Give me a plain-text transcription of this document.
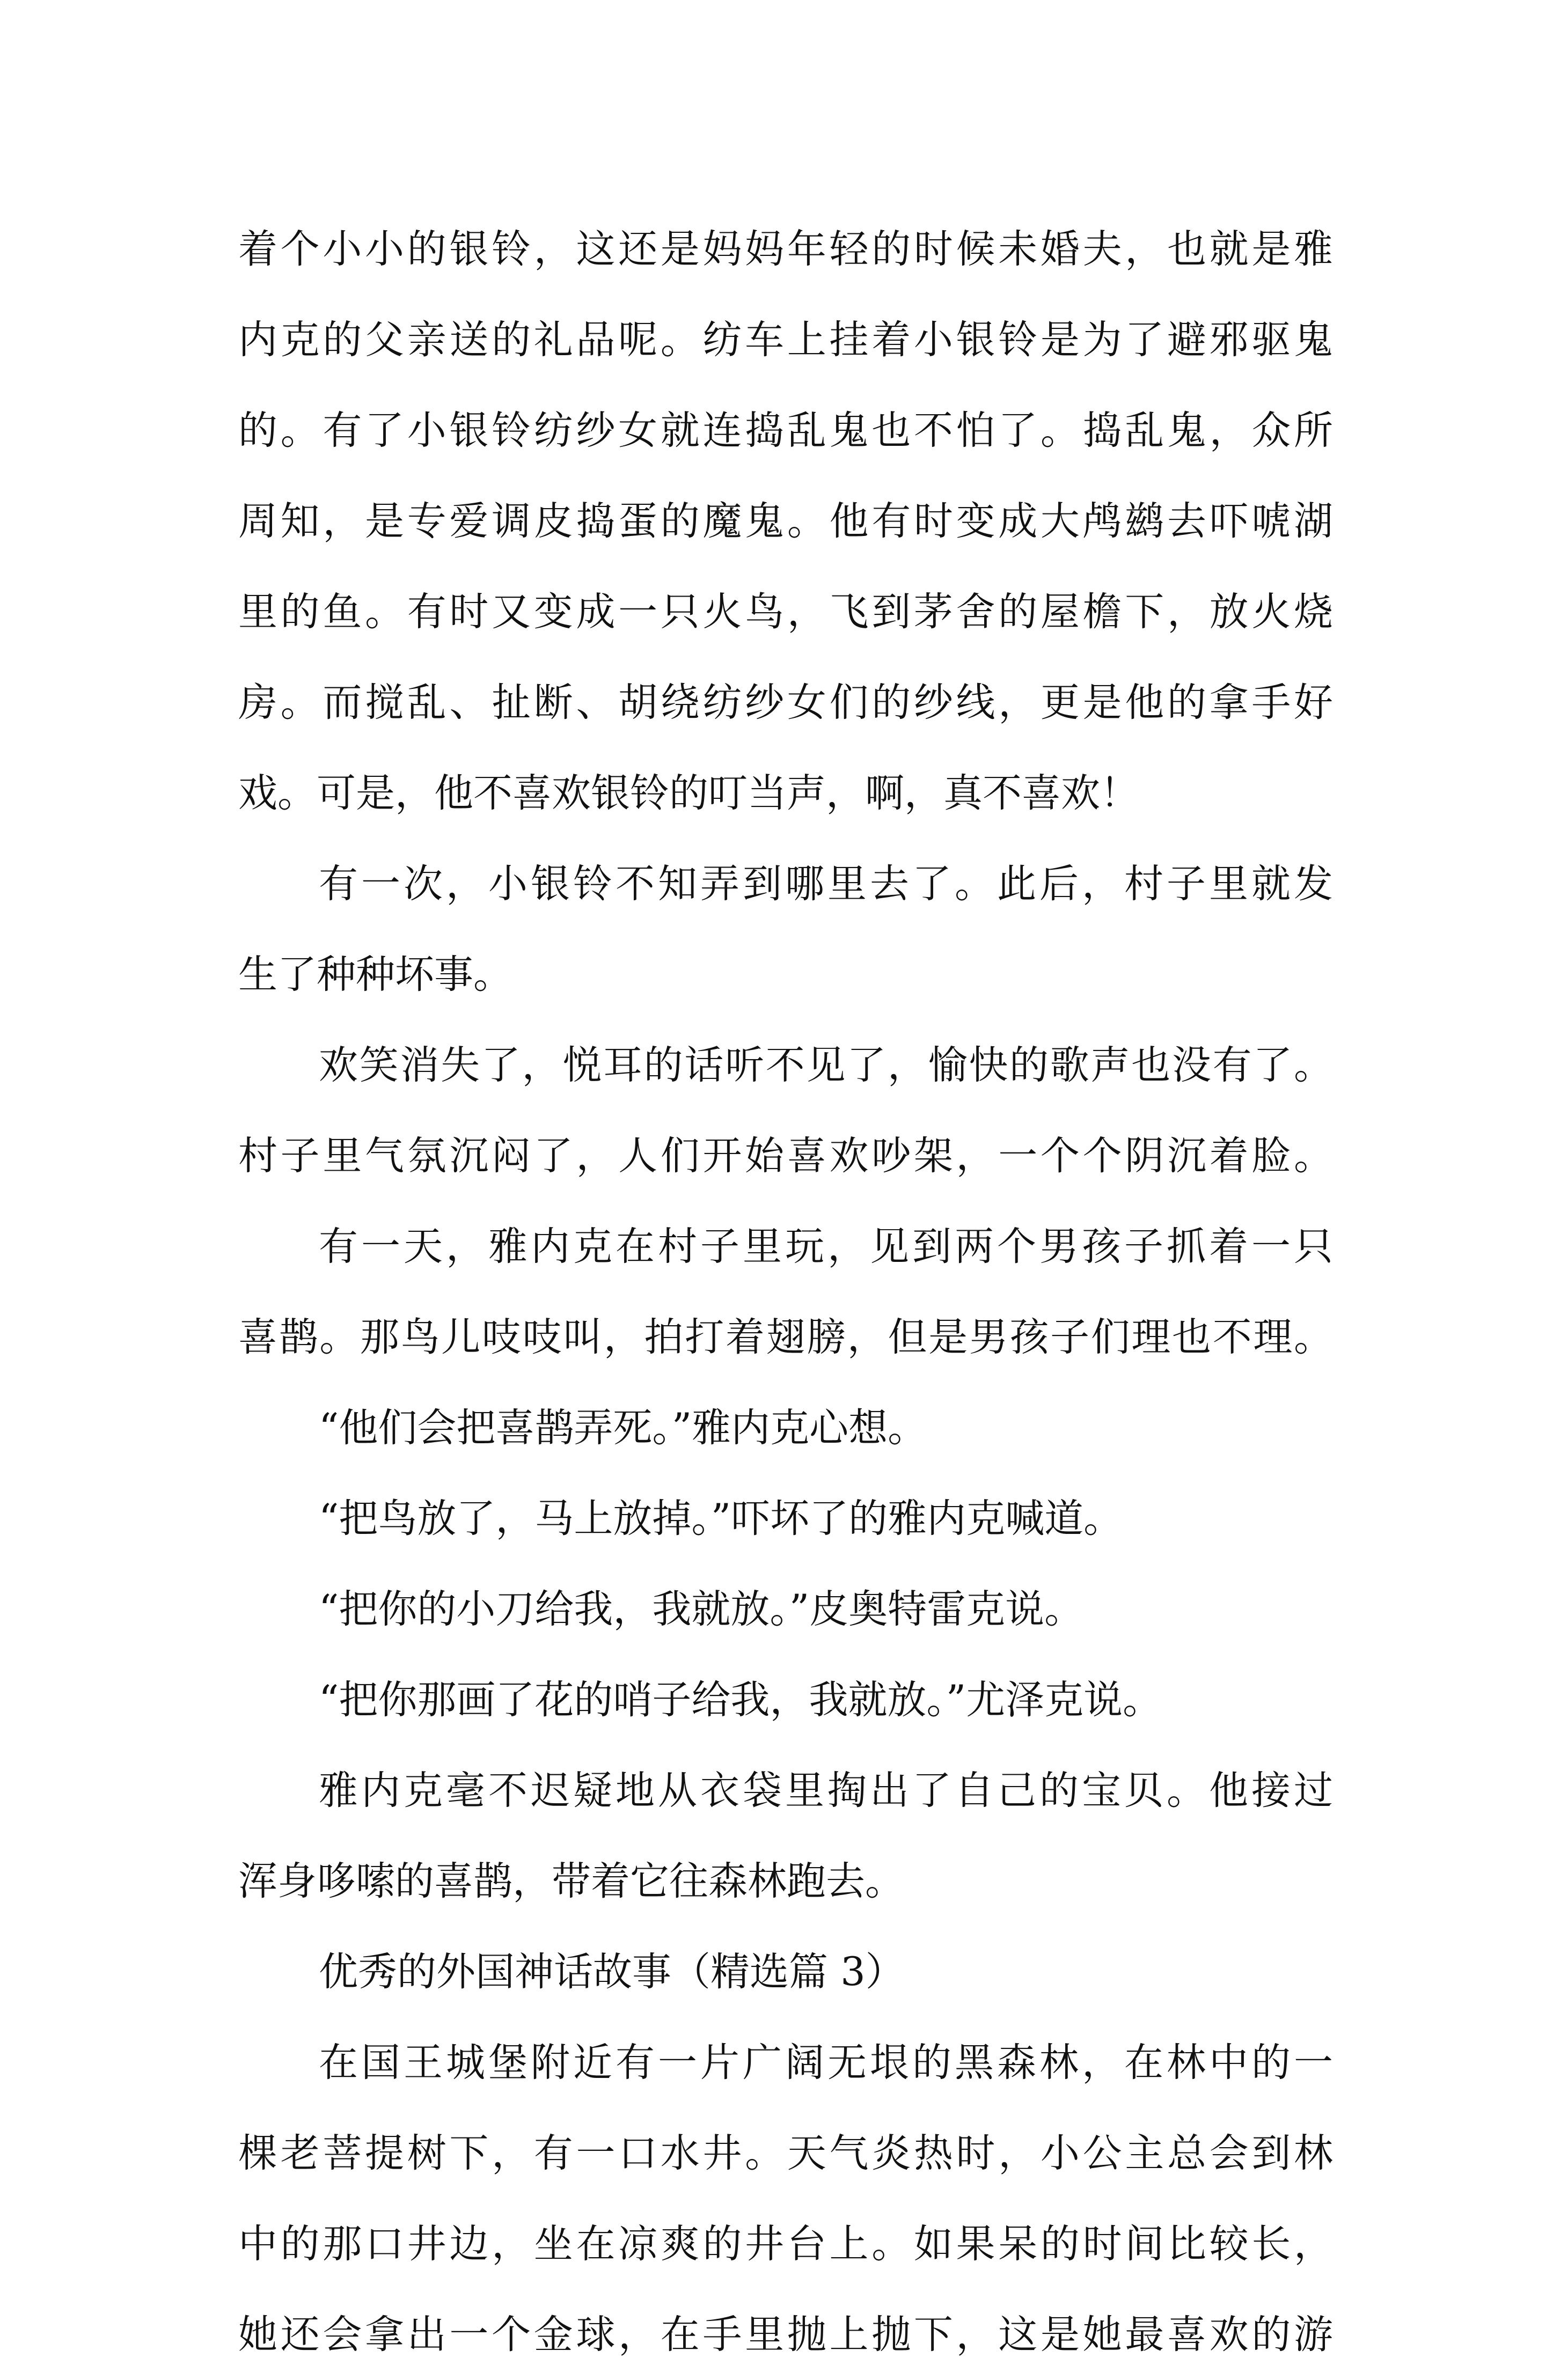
着个小小的银铃，这还是妈妈年轻的时候未婚夫，也就是雅
内克的父亲送的礼品呢。纺车上挂着小银铃是为了避邪驱鬼
的。有了小银铃纺纱女就连捣乱鬼也不怕了。捣乱鬼，众所
周知，是专爱调皮捣蛋的魔鬼。他有时变成大鸬鹚去吓唬湖
里的鱼。有时又变成一只火鸟，飞到茅舍的屋檐下，放火烧
房。而搅乱、扯断、胡绕纺纱女们的纱线，更是他的拿手好
戏。可是，他不喜欢银铃的叮当声，啊，真不喜欢！
有一次，小银铃不知弄到哪里去了。此后，村子里就发
生了种种坏事。
欢笑消失了，悦耳的话听不见了，愉快的歌声也没有了。
村子里气氛沉闷了，人们开始喜欢吵架，一个个阴沉着脸。
有一天，雅内克在村子里玩，见到两个男孩子抓着一只
喜鹊。那鸟儿吱吱叫，拍打着翅膀，但是男孩子们理也不理。
“他们会把喜鹊弄死。”雅内克心想。
“把鸟放了，马上放掉。”吓坏了的雅内克喊道。
“把你的小刀给我，我就放。”皮奥特雷克说。
“把你那画了花的哨子给我，我就放。”尤泽克说。
雅内克毫不迟疑地从衣袋里掏出了自己的宝贝。他接过
浑身哆嗦的喜鹊，带着它往森林跑去。
优秀的外国神话故事（精选篇 3）
在国王城堡附近有一片广阔无垠的黑森林，在林中的一
棵老菩提树下，有一口水井。天气炎热时，小公主总会到林
中的那口井边，坐在凉爽的井台上。如果呆的时间比较长，
她还会拿出一个金球，在手里抛上抛下，这是她最喜欢的游
